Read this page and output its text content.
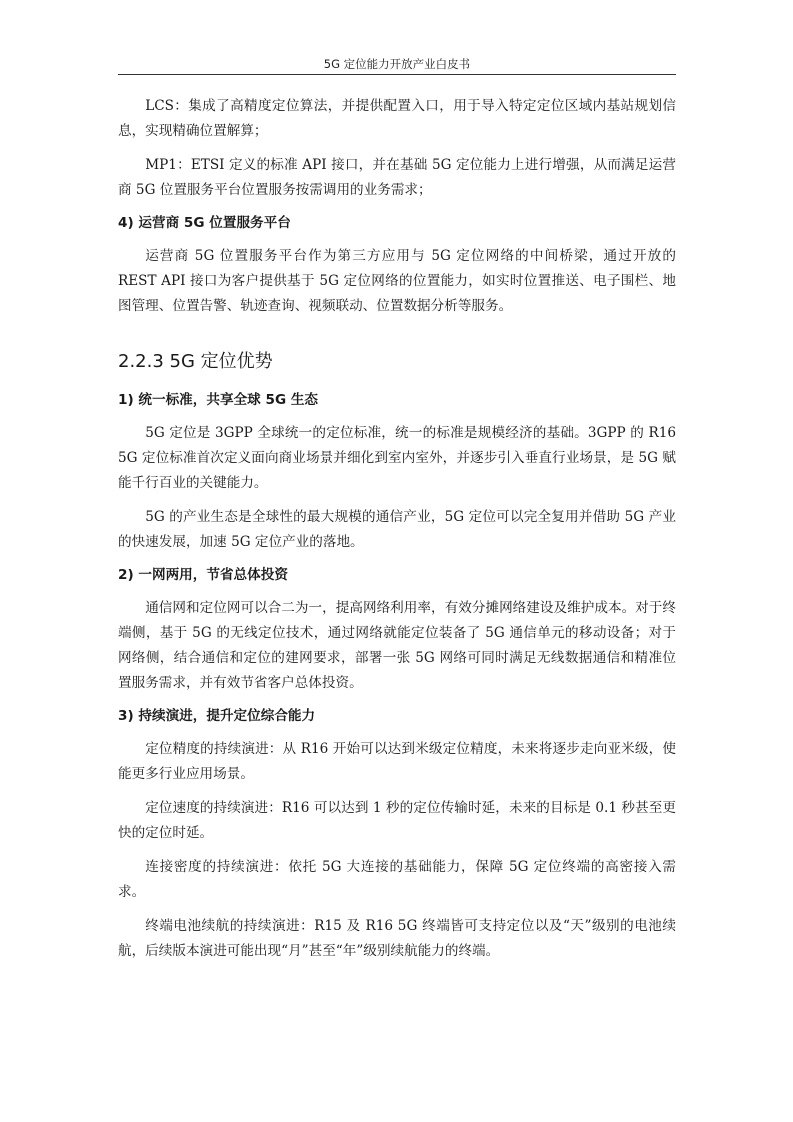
5G 定位能力开放产业白皮书

LCS：集成了高精度定位算法，并提供配置入口，用于导入特定定位区域内基站规划信息，实现精确位置解算；

MP1：ETSI 定义的标准 API 接口，并在基础 5G 定位能力上进行增强，从而满足运营商 5G 位置服务平台位置服务按需调用的业务需求；

4) 运营商 5G 位置服务平台

运营商 5G 位置服务平台作为第三方应用与 5G 定位网络的中间桥梁，通过开放的 REST API 接口为客户提供基于 5G 定位网络的位置能力，如实时位置推送、电子围栏、地图管理、位置告警、轨迹查询、视频联动、位置数据分析等服务。

2.2.3 5G 定位优势
1) 统一标准，共享全球 5G 生态

5G 定位是 3GPP 全球统一的定位标准，统一的标准是规模经济的基础。3GPP 的 R16 5G 定位标准首次定义面向商业场景并细化到室内室外，并逐步引入垂直行业场景，是 5G 赋能千行百业的关键能力。

5G 的产业生态是全球性的最大规模的通信产业，5G 定位可以完全复用并借助 5G 产业的快速发展，加速 5G 定位产业的落地。

2) 一网两用，节省总体投资

通信网和定位网可以合二为一，提高网络利用率，有效分摊网络建设及维护成本。对于终端侧，基于 5G 的无线定位技术，通过网络就能定位装备了 5G 通信单元的移动设备；对于网络侧，结合通信和定位的建网要求，部署一张 5G 网络可同时满足无线数据通信和精准位置服务需求，并有效节省客户总体投资。

3) 持续演进，提升定位综合能力

定位精度的持续演进：从 R16 开始可以达到米级定位精度，未来将逐步走向亚米级，使能更多行业应用场景。

定位速度的持续演进：R16 可以达到 1 秒的定位传输时延，未来的目标是 0.1 秒甚至更快的定位时延。

连接密度的持续演进：依托 5G 大连接的基础能力，保障 5G 定位终端的高密接入需求。

终端电池续航的持续演进：R15 及 R16 5G 终端皆可支持定位以及“天”级别的电池续航，后续版本演进可能出现“月”甚至“年”级别续航能力的终端。
